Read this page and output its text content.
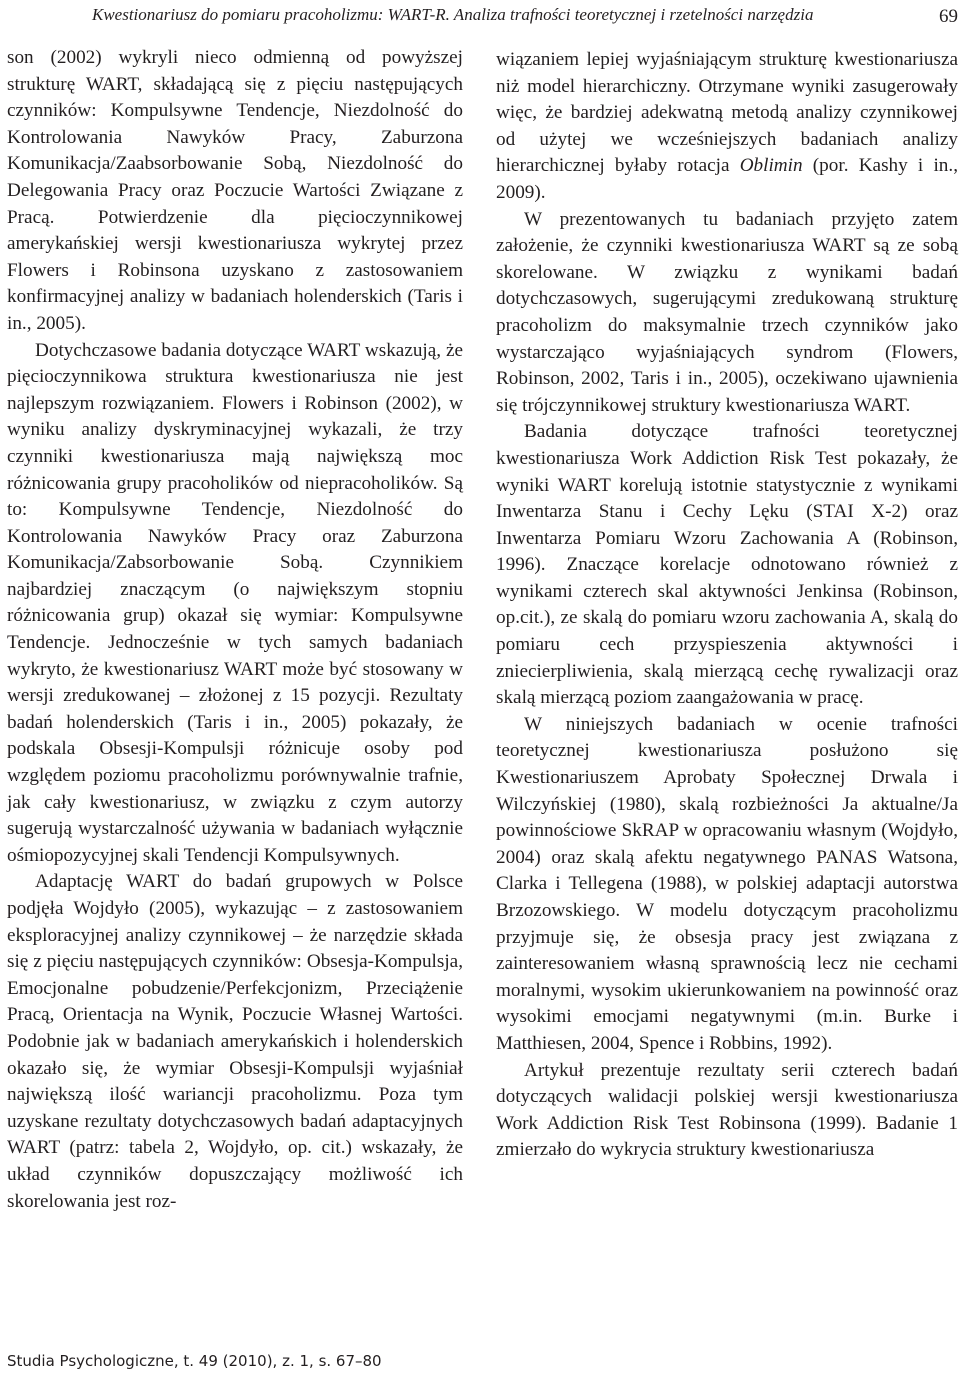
Kwestionariusz do pomiaru pracoholizmu: WART-R. Analiza trafności teoretycznej i rzetelności narzędzia	69

son (2002) wykryli nieco odmienną od powyższej strukturę WART, składającą się z pięciu następujących czynników: Kompulsywne Tendencje, Niezdolność do Kontrolowania Nawyków Pracy, Zaburzona Komunikacja/Zaabsorbowanie Sobą, Niezdolność do Delegowania Pracy oraz Poczucie Wartości Związane z Pracą. Potwierdzenie dla pięcioczynnikowej amerykańskiej wersji kwestionariusza wykrytej przez Flowers i Robinsona uzyskano z zastosowaniem konfirmacyjnej analizy w badaniach holenderskich (Taris i in., 2005).

Dotychczasowe badania dotyczące WART wskazują, że pięcioczynnikowa struktura kwestionariusza nie jest najlepszym rozwiązaniem. Flowers i Robinson (2002), w wyniku analizy dyskryminacyjnej wykazali, że trzy czynniki kwestionariusza mają największą moc różnicowania grupy pracoholików od niepracoholików. Są to: Kompulsywne Tendencje, Niezdolność do Kontrolowania Nawyków Pracy oraz Zaburzona Komunikacja/Zabsorbowanie Sobą. Czynnikiem najbardziej znaczącym (o największym stopniu różnicowania grup) okazał się wymiar: Kompulsywne Tendencje. Jednocześnie w tych samych badaniach wykryto, że kwestionariusz WART może być stosowany w wersji zredukowanej – złożonej z 15 pozycji. Rezultaty badań holenderskich (Taris i in., 2005) pokazały, że podskala Obsesji-Kompulsji różnicuje osoby pod względem poziomu pracoholizmu porównywalnie trafnie, jak cały kwestionariusz, w związku z czym autorzy sugerują wystarczalność używania w badaniach wyłącznie ośmiopozycyjnej skali Tendencji Kompulsywnych.

Adaptację WART do badań grupowych w Polsce podjęła Wojdyło (2005), wykazując – z zastosowaniem eksploracyjnej analizy czynnikowej – że narzędzie składa się z pięciu następujących czynników: Obsesja-Kompulsja, Emocjonalne pobudzenie/Perfekcjonizm, Przeciążenie Pracą, Orientacja na Wynik, Poczucie Własnej Wartości. Podobnie jak w badaniach amerykańskich i holenderskich okazało się, że wymiar Obsesji-Kompulsji wyjaśniał największą ilość wariancji pracoholizmu. Poza tym uzyskane rezultaty dotychczasowych badań adaptacyjnych WART (patrz: tabela 2, Wojdyło, op. cit.) wskazały, że układ czynników dopuszczający możliwość ich skorelowania jest roz-

wiązaniem lepiej wyjaśniającym strukturę kwestionariusza niż model hierarchiczny. Otrzymane wyniki zasugerowały więc, że bardziej adekwatną metodą analizy czynnikowej od użytej we wcześniejszych badaniach analizy hierarchicznej byłaby rotacja Oblimin (por. Kashy i in., 2009).

W prezentowanych tu badaniach przyjęto zatem założenie, że czynniki kwestionariusza WART są ze sobą skorelowane. W związku z wynikami badań dotychczasowych, sugerującymi zredukowaną strukturę pracoholizm do maksymalnie trzech czynników jako wystarczająco wyjaśniających syndrom (Flowers, Robinson, 2002, Taris i in., 2005), oczekiwano ujawnienia się trójczynnikowej struktury kwestionariusza WART.

Badania dotyczące trafności teoretycznej kwestionariusza Work Addiction Risk Test pokazały, że wyniki WART korelują istotnie statystycznie z wynikami Inwentarza Stanu i Cechy Lęku (STAI X-2) oraz Inwentarza Pomiaru Wzoru Zachowania A (Robinson, 1996). Znaczące korelacje odnotowano również z wynikami czterech skal aktywności Jenkinsa (Robinson, op.cit.), ze skalą do pomiaru wzoru zachowania A, skalą do pomiaru cech przyspieszenia aktywności i zniecierpliwienia, skalą mierzącą cechę rywalizacji oraz skalą mierzącą poziom zaangażowania w pracę.

W niniejszych badaniach w ocenie trafności teoretycznej kwestionariusza posłużono się Kwestionariuszem Aprobaty Społecznej Drwala i Wilczyńskiej (1980), skalą rozbieżności Ja aktualne/Ja powinnościowe SkRAP w opracowaniu własnym (Wojdyło, 2004) oraz skalą afektu negatywnego PANAS Watsona, Clarka i Tellegena (1988), w polskiej adaptacji autorstwa Brzozowskiego. W modelu dotyczącym pracoholizmu przyjmuje się, że obsesja pracy jest związana z zainteresowaniem własną sprawnością lecz nie cechami moralnymi, wysokim ukierunkowaniem na powinność oraz wysokimi emocjami negatywnymi (m.in. Burke i Matthiesen, 2004, Spence i Robbins, 1992).

Artykuł prezentuje rezultaty serii czterech badań dotyczących walidacji polskiej wersji kwestionariusza Work Addiction Risk Test Robinsona (1999). Badanie 1 zmierzało do wykrycia struktury kwestionariusza

Studia Psychologiczne, t. 49 (2010), z. 1, s. 67–80
